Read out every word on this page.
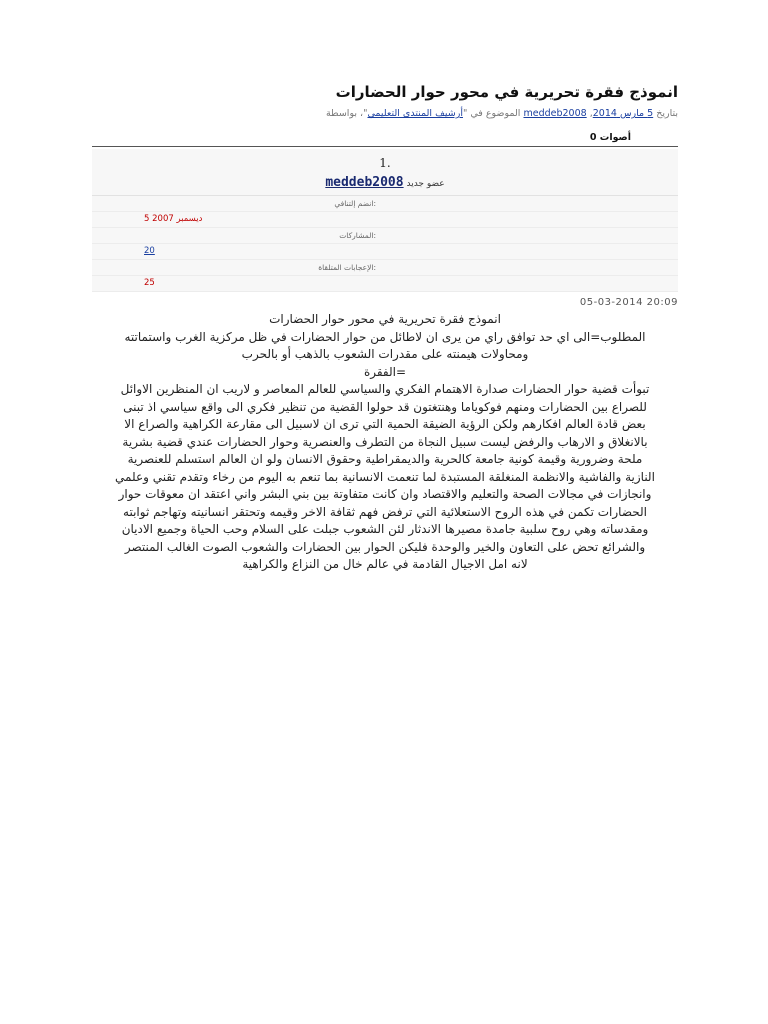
انموذج فقرة تحريرية في محور حوار الحضارات
بتاريخ 5 مارس 2014, meddeb2008 الموضوع في "أرشيف المنتدى التعليمي"، بواسطة
أصوات 0
1.
عضو جديد meddeb2008
:انضم إلتنافي
5 ديسمبر 2007
:المشاركات
20
:الإعجابات المتلقاة
25
05-03-2014 20:09

انموذج فقرة تحريرية في محور حوار الحضارات

المطلوب=الى اي حد توافق راي من يرى ان لاطائل من حوار الحضارات في ظل مركزية الغرب واستماتته

ومحاولات هيمنته على مقدرات الشعوب بالذهب أو بالحرب

=الفقرة

تبوأت قضية حوار الحضارات صدارة الاهتمام الفكري والسياسي للعالم المعاصر و لاريب ان المنظرين الاوائل

للصراع بين الحضارات ومنهم فوكوياما وهنتغتون قد حولوا القضية من تنظير فكري الى واقع سياسي اذ تبنى

بعض قادة العالم افكارهم ولكن الرؤية الضيقة الحمية التي ترى ان لاسبيل الى مقارعة الكراهية والصراع الا

بالانغلاق و الارهاب والرفض ليست سبيل النجاة من التطرف والعنصرية وحوار الحضارات عندي قضية بشرية

ملحة وضرورية وقيمة كونية جامعة كالحرية والديمقراطية وحقوق الانسان ولو ان العالم استسلم للعنصرية

النازية والفاشية والانظمة المنغلقة المستبدة لما تنعمت الانسانية بما تنعم به اليوم من رخاء وتقدم تقني وعلمي

وانجازات في مجالات الصحة والتعليم والاقتصاد وان كانت متفاوتة بين بني البشر واني اعتقد ان معوقات حوار

الحضارات تكمن في هذه الروح الاستعلائية التي ترفض فهم ثقافة الاخر وقيمه وتحتقر انسانيته وتهاجم ثوابته

ومقدساته وهي روح سلبية جامدة مصيرها الاندثار لئن الشعوب جبلت على السلام وحب الحياة وجميع الاديان

والشرائع تحض على التعاون والخير والوحدة فليكن الحوار بين الحضارات والشعوب الصوت الغالب المنتصر

لانه امل الاجيال القادمة في عالم خال من النزاع والكراهية
